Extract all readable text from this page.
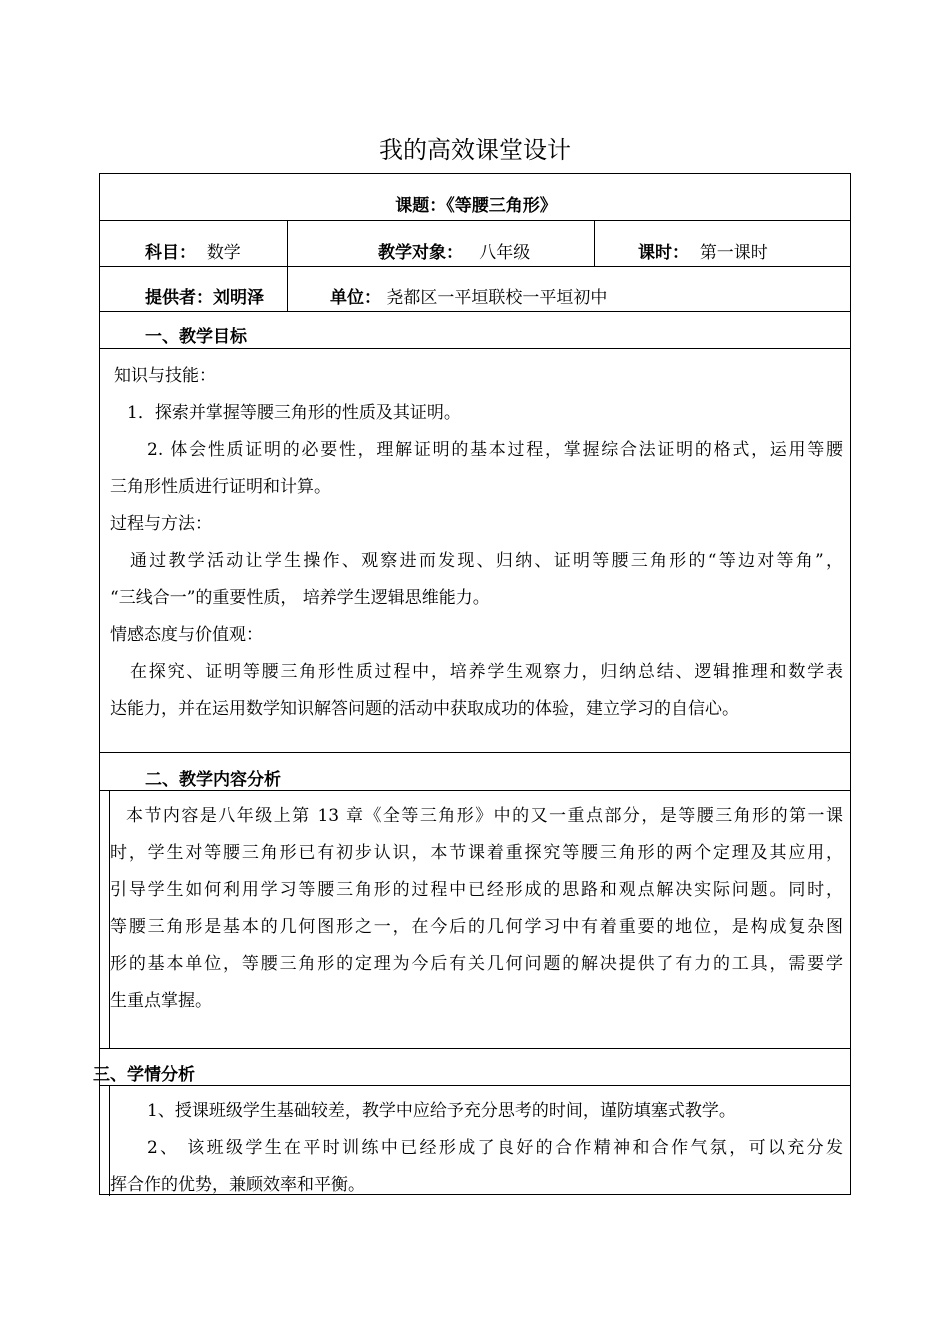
我的高效课堂设计
课题：《等腰三角形》
科目： 数学	教学对象： 八年级	课时： 第一课时
提供者：刘明泽	单位： 尧都区一平垣联校一平垣初中
一、教学目标
知识与技能：
1．探索并掌握等腰三角形的性质及其证明。
2. 体会性质证明的必要性，理解证明的基本过程，掌握综合法证明的格式，运用等腰
三角形性质进行证明和计算。
过程与方法：
通过教学活动让学生操作、观察进而发现、归纳、证明等腰三角形的“等边对等角”，
“三线合一”的重要性质， 培养学生逻辑思维能力。
情感态度与价值观：
在探究、证明等腰三角形性质过程中，培养学生观察力，归纳总结、逻辑推理和数学表
达能力，并在运用数学知识解答问题的活动中获取成功的体验，建立学习的自信心。
二、教学内容分析
本节内容是八年级上第 13 章《全等三角形》中的又一重点部分，是等腰三角形的第一课
时，学生对等腰三角形已有初步认识，本节课着重探究等腰三角形的两个定理及其应用，
引导学生如何利用学习等腰三角形的过程中已经形成的思路和观点解决实际问题。同时，
等腰三角形是基本的几何图形之一，在今后的几何学习中有着重要的地位，是构成复杂图
形的基本单位，等腰三角形的定理为今后有关几何问题的解决提供了有力的工具，需要学
生重点掌握。
三、学情分析
1、授课班级学生基础较差，教学中应给予充分思考的时间，谨防填塞式教学。
2、 该班级学生在平时训练中已经形成了良好的合作精神和合作气氛，可以充分发
挥合作的优势，兼顾效率和平衡。
